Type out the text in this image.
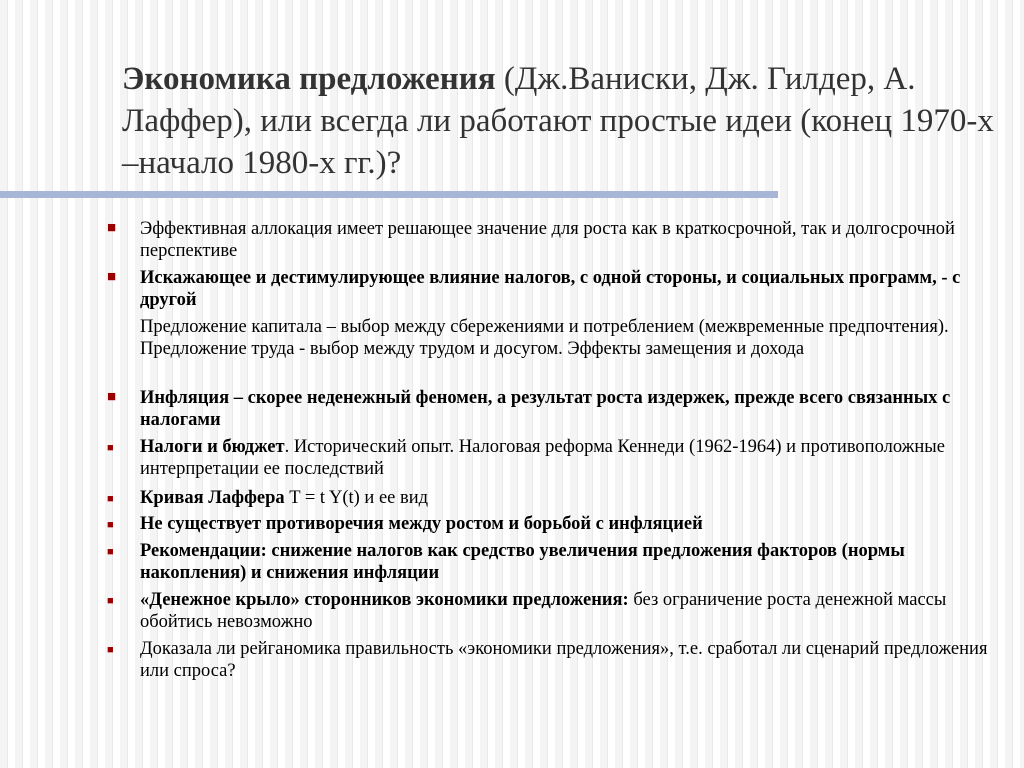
Экономика предложения (Дж.Ваниски, Дж. Гилдер, А. Лаффер), или всегда ли работают простые идеи (конец 1970-х –начало 1980-х гг.)?
■ Эффективная аллокация имеет решающее значение для роста как в краткосрочной, так и долгосрочной перспективе
■ Искажающее и дестимулирующее влияние налогов, с одной стороны, и социальных программ, - с другой
Предложение капитала – выбор между сбережениями и потреблением (межвременные предпочтения). Предложение труда - выбор между трудом и досугом. Эффекты замещения и дохода
■ Инфляция – скорее неденежный феномен, а результат роста издержек, прежде всего связанных с налогами
■ Налоги и бюджет. Исторический опыт. Налоговая реформа Кеннеди (1962-1964) и противоположные интерпретации ее последствий
■ Кривая Лаффера T = t Y(t) и ее вид
■ Не существует противоречия между ростом и борьбой с инфляцией
■ Рекомендации: снижение налогов как средство увеличения предложения факторов (нормы накопления) и снижения инфляции
■ «Денежное крыло» сторонников экономики предложения: без ограничение роста денежной массы обойтись невозможно
■ Доказала ли рейганомика правильность «экономики предложения», т.е. сработал ли сценарий предложения или спроса?
